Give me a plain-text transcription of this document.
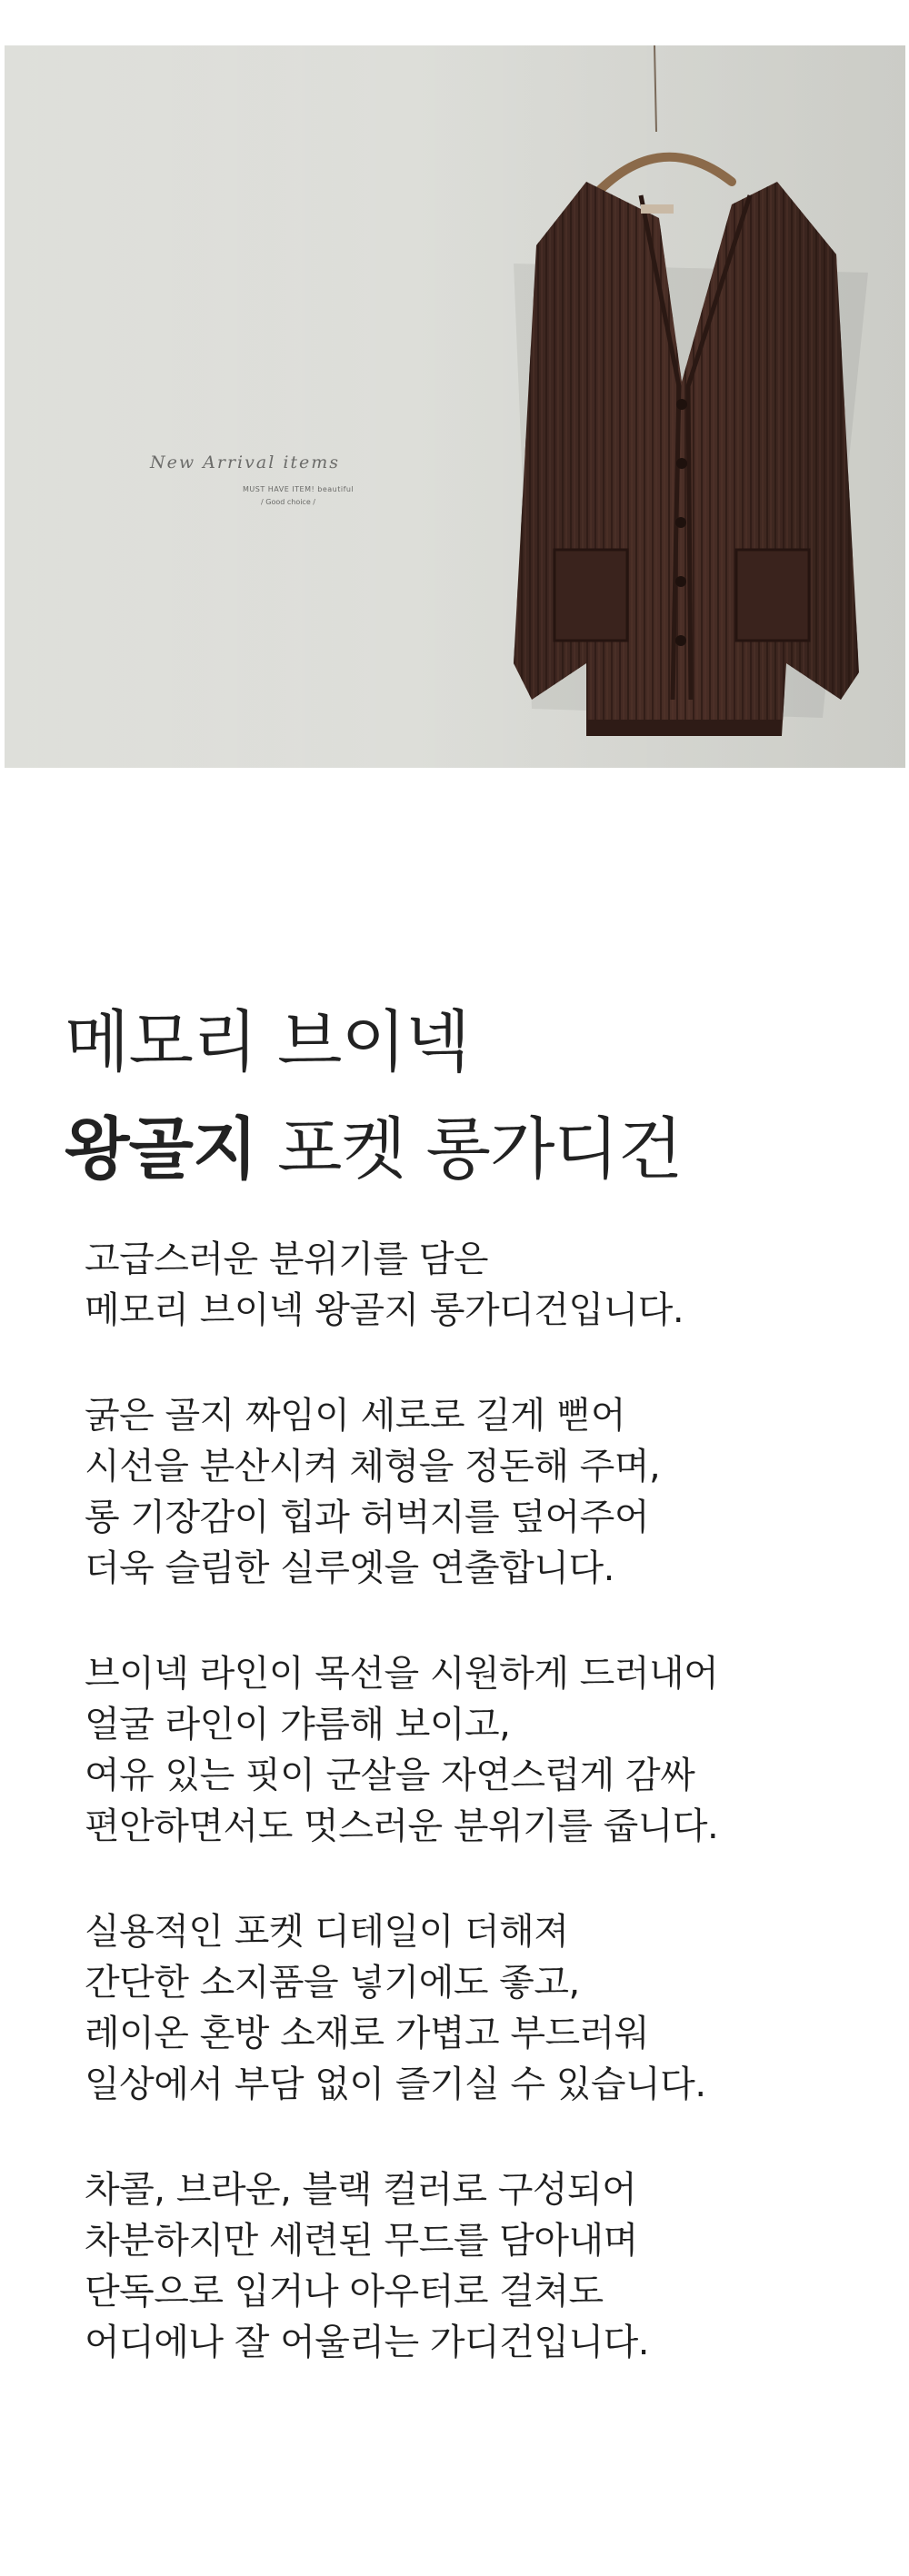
New Arrival items
MUST HAVE ITEM! beautiful
/ Good choice /
메모리 브이넥
왕골지 포켓 롱가디건
고급스러운 분위기를 담은
메모리 브이넥 왕골지 롱가디건입니다.
굵은 골지 짜임이 세로로 길게 뻗어
시선을 분산시켜 체형을 정돈해 주며,
롱 기장감이 힙과 허벅지를 덮어주어
더욱 슬림한 실루엣을 연출합니다.
브이넥 라인이 목선을 시원하게 드러내어
얼굴 라인이 갸름해 보이고,
여유 있는 핏이 군살을 자연스럽게 감싸
편안하면서도 멋스러운 분위기를 줍니다.
실용적인 포켓 디테일이 더해져
간단한 소지품을 넣기에도 좋고,
레이온 혼방 소재로 가볍고 부드러워
일상에서 부담 없이 즐기실 수 있습니다.
차콜, 브라운, 블랙 컬러로 구성되어
차분하지만 세련된 무드를 담아내며
단독으로 입거나 아우터로 걸쳐도
어디에나 잘 어울리는 가디건입니다.
